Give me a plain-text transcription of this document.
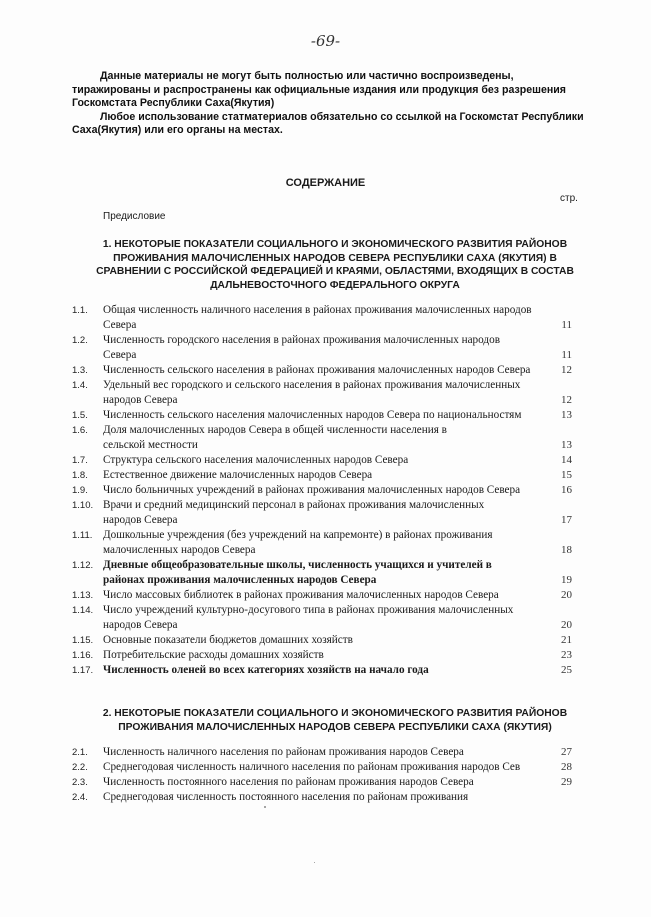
-69-

Данные материалы не могут быть полностью или частично воспроизведены, тиражированы и распространены как официальные издания или продукция без разрешения Госкомстата Республики Саха(Якутия)

Любое использование статматериалов обязательно со ссылкой на Госкомстат Республики Саха(Якутия) или его органы на местах.

СОДЕРЖАНИЕ
стр.
Предисловие
1. НЕКОТОРЫЕ ПОКАЗАТЕЛИ СОЦИАЛЬНОГО И ЭКОНОМИЧЕСКОГО РАЗВИТИЯ РАЙОНОВ ПРОЖИВАНИЯ МАЛОЧИСЛЕННЫХ НАРОДОВ СЕВЕРА РЕСПУБЛИКИ САХА (ЯКУТИЯ) В СРАВНЕНИИ С РОССИЙСКОЙ ФЕДЕРАЦИЕЙ И КРАЯМИ, ОБЛАСТЯМИ, ВХОДЯЩИХ В СОСТАВ ДАЛЬНЕВОСТОЧНОГО ФЕДЕРАЛЬНОГО ОКРУГА
1.1.	Общая численность наличного населения в районах проживания малочисленных народов Севера	11
1.2.	Численность городского населения в районах проживания малочисленных народов Севера	11
1.3.	Численность сельского населения в районах проживания малочисленных народов Севера	12
1.4.	Удельный вес городского и сельского населения в районах проживания малочисленных народов Севера	12
1.5.	Численность сельского населения малочисленных народов Севера по национальностям	13
1.6.	Доля малочисленных народов Севера в общей численности населения в сельской местности	13
1.7.	Структура сельского населения малочисленных народов Севера	14
1.8.	Естественное движение малочисленных народов Севера	15
1.9.	Число больничных учреждений в районах проживания малочисленных народов Севера	16
1.10. Врачи и средний медицинский персонал в районах проживания малочисленных народов Севера	17
1.11. Дошкольные учреждения (без учреждений на капремонте) в районах проживания малочисленных народов Севера	18
1.12. Дневные общеобразовательные школы, численность учащихся и учителей в районах проживания малочисленных народов Севера	19
1.13. Число массовых библиотек в районах проживания малочисленных народов Севера	20
1.14. Число учреждений культурно-досугового типа в районах проживания малочисленных народов Севера	20
1.15. Основные показатели бюджетов домашних хозяйств	21
1.16. Потребительские расходы домашних хозяйств	23
1.17. Численность оленей во всех категориях хозяйств на начало года	25
2. НЕКОТОРЫЕ ПОКАЗАТЕЛИ СОЦИАЛЬНОГО И ЭКОНОМИЧЕСКОГО РАЗВИТИЯ РАЙОНОВ ПРОЖИВАНИЯ МАЛОЧИСЛЕННЫХ НАРОДОВ СЕВЕРА РЕСПУБЛИКИ САХА (ЯКУТИЯ)
2.1.	Численность наличного населения по районам проживания народов Севера	27
2.2.	Среднегодовая численность наличного населения по районам проживания народов Сев	28
2.3.	Численность постоянного населения по районам проживания народов Севера	29
2.4.	Среднегодовая численность постоянного населения по районам проживания
